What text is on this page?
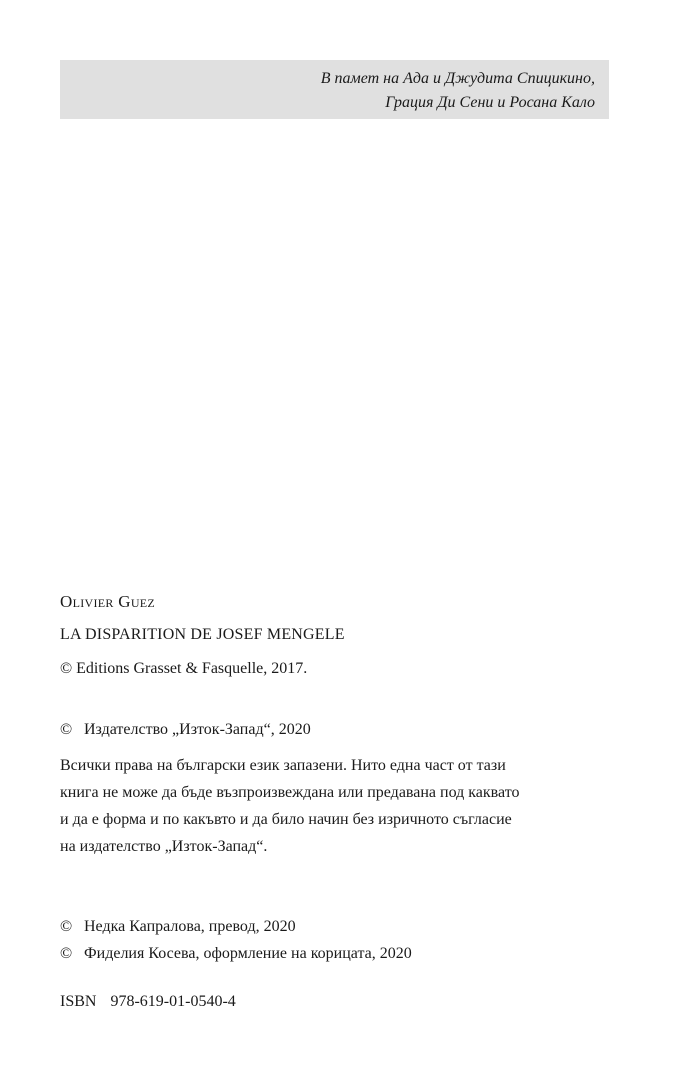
В памет на Ада и Джудита Спицикино,
Грация Ди Сени и Росана Кало
Olivier Guez
LA DISPARITION DE JOSEF MENGELE
© Editions Grasset & Fasquelle, 2017.
© Издателство „Изток-Запад“, 2020
Всички права на български език запазени. Нито една част от тази
книга не може да бъде възпроизвеждана или предавана под каквато
и да е форма и по какъвто и да било начин без изричното съгласие
на издателство „Изток-Запад“.
© Недка Капралова, превод, 2020
© Фиделия Косева, оформление на корицата, 2020
ISBN 978-619-01-0540-4
